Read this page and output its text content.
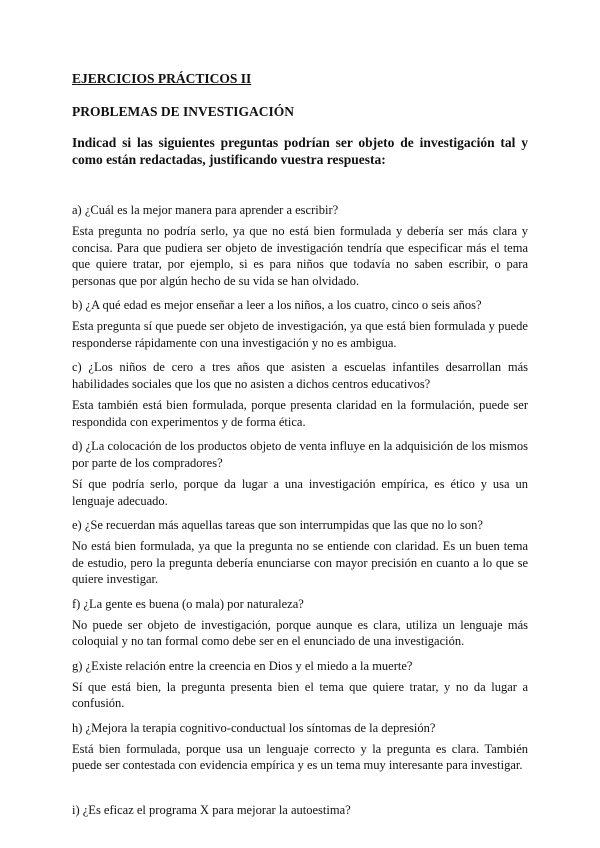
EJERCICIOS PRÁCTICOS II

PROBLEMAS DE INVESTIGACIÓN

Indicad si las siguientes preguntas podrían ser objeto de investigación tal y como están redactadas, justificando vuestra respuesta:

a) ¿Cuál es la mejor manera para aprender a escribir?

Esta pregunta no podría serlo, ya que no está bien formulada y debería ser más clara y concisa. Para que pudiera ser objeto de investigación tendría que especificar más el tema que quiere tratar, por ejemplo, si es para niños que todavía no saben escribir, o para personas que por algún hecho de su vida se han olvidado.

b) ¿A qué edad es mejor enseñar a leer a los niños, a los cuatro, cinco o seis años?

Esta pregunta sí que puede ser objeto de investigación, ya que está bien formulada y puede responderse rápidamente con una investigación y no es ambigua.

c) ¿Los niños de cero a tres años que asisten a escuelas infantiles desarrollan más habilidades sociales que los que no asisten a dichos centros educativos?

Esta también está bien formulada, porque presenta claridad en la formulación, puede ser respondida con experimentos y de forma ética.

d) ¿La colocación de los productos objeto de venta influye en la adquisición de los mismos por parte de los compradores?

Sí que podría serlo, porque da lugar a una investigación empírica, es ético y usa un lenguaje adecuado.

e) ¿Se recuerdan más aquellas tareas que son interrumpidas que las que no lo son?

No está bien formulada, ya que la pregunta no se entiende con claridad. Es un buen tema de estudio, pero la pregunta debería enunciarse con mayor precisión en cuanto a lo que se quiere investigar.

f) ¿La gente es buena (o mala) por naturaleza?

No puede ser objeto de investigación, porque aunque es clara, utiliza un lenguaje más coloquial y no tan formal como debe ser en el enunciado de una investigación.

g) ¿Existe relación entre la creencia en Dios y el miedo a la muerte?

Sí que está bien, la pregunta presenta bien el tema que quiere tratar, y no da lugar a confusión.

h) ¿Mejora la terapia cognitivo-conductual los síntomas de la depresión?

Está bien formulada, porque usa un lenguaje correcto y la pregunta es clara. También puede ser contestada con evidencia empírica y es un tema muy interesante para investigar.

i) ¿Es eficaz el programa X para mejorar la autoestima?
